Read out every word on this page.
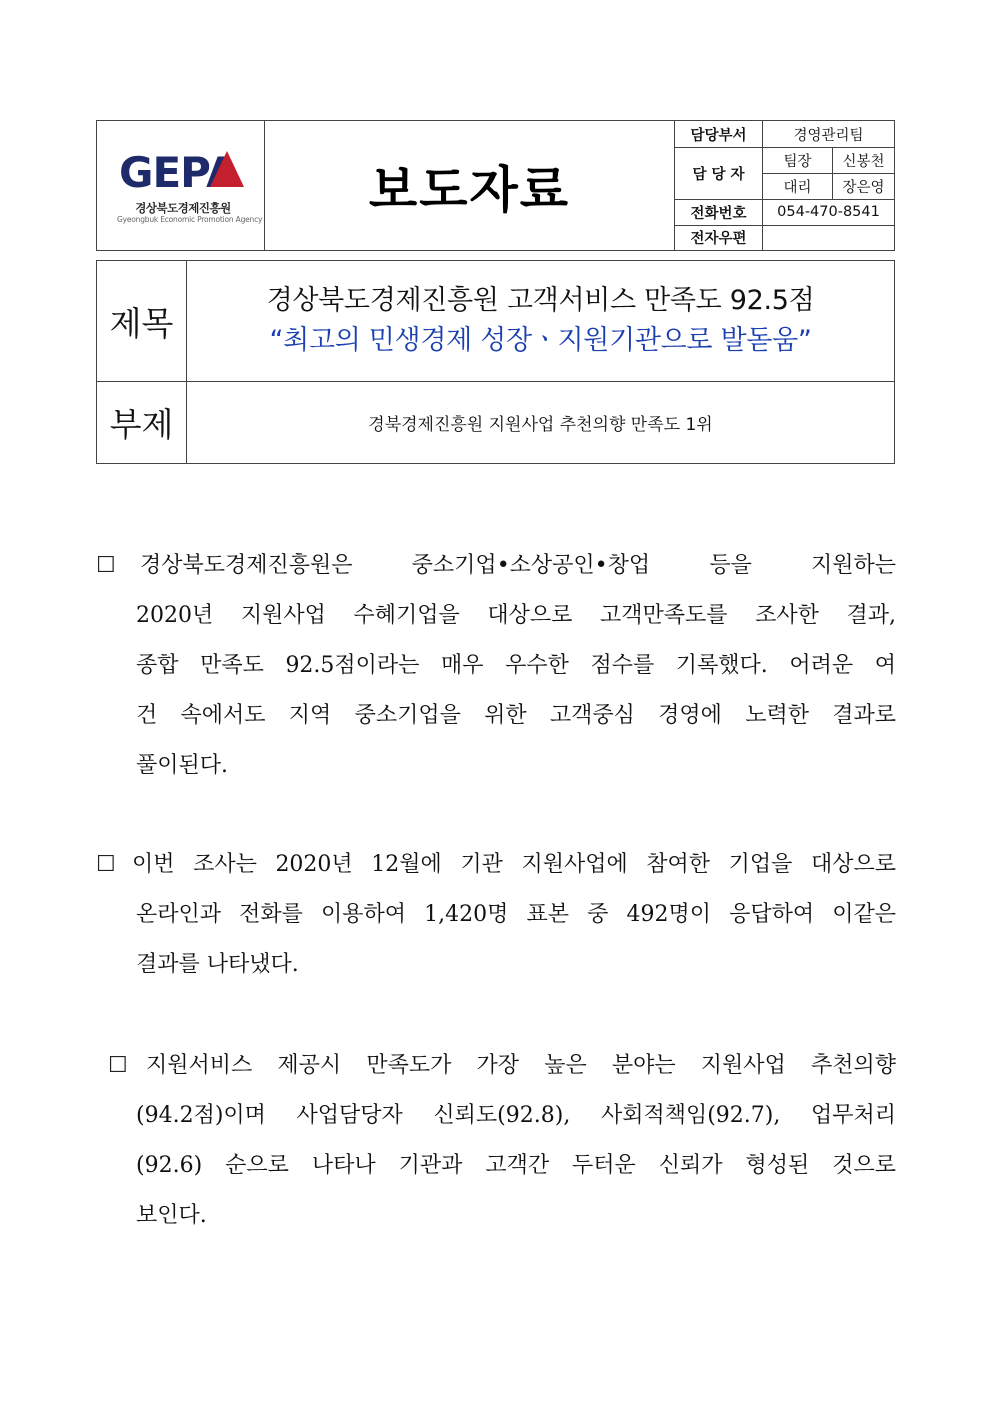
GEPA
경상북도경제진흥원
Gyeongbuk Economic Promotion Agency
보도자료
담당부서	경영관리팀
담 당 자
팀장	신봉천
대리	장은영
전화번호	054-470-8541
전자우편
제목
경상북도경제진흥원 고객서비스 만족도 92.5점
“최고의 민생경제 성장ㆍ지원기관으로 발돋움”
부제	경북경제진흥원 지원사업 추천의향 만족도 1위
☐ 경상북도경제진흥원은 중소기업•소상공인•창업 등을 지원하는
2020년 지원사업 수혜기업을 대상으로 고객만족도를 조사한 결과,
종합 만족도 92.5점이라는 매우 우수한 점수를 기록했다. 어려운 여
건 속에서도 지역 중소기업을 위한 고객중심 경영에 노력한 결과로
풀이된다.
☐ 이번 조사는 2020년 12월에 기관 지원사업에 참여한 기업을 대상으로
온라인과 전화를 이용하여 1,420명 표본 중 492명이 응답하여 이같은
결과를 나타냈다.
☐ 지원서비스 제공시 만족도가 가장 높은 분야는 지원사업 추천의향
(94.2점)이며 사업담당자 신뢰도(92.8), 사회적책임(92.7), 업무처리
(92.6) 순으로 나타나 기관과 고객간 두터운 신뢰가 형성된 것으로
보인다.
